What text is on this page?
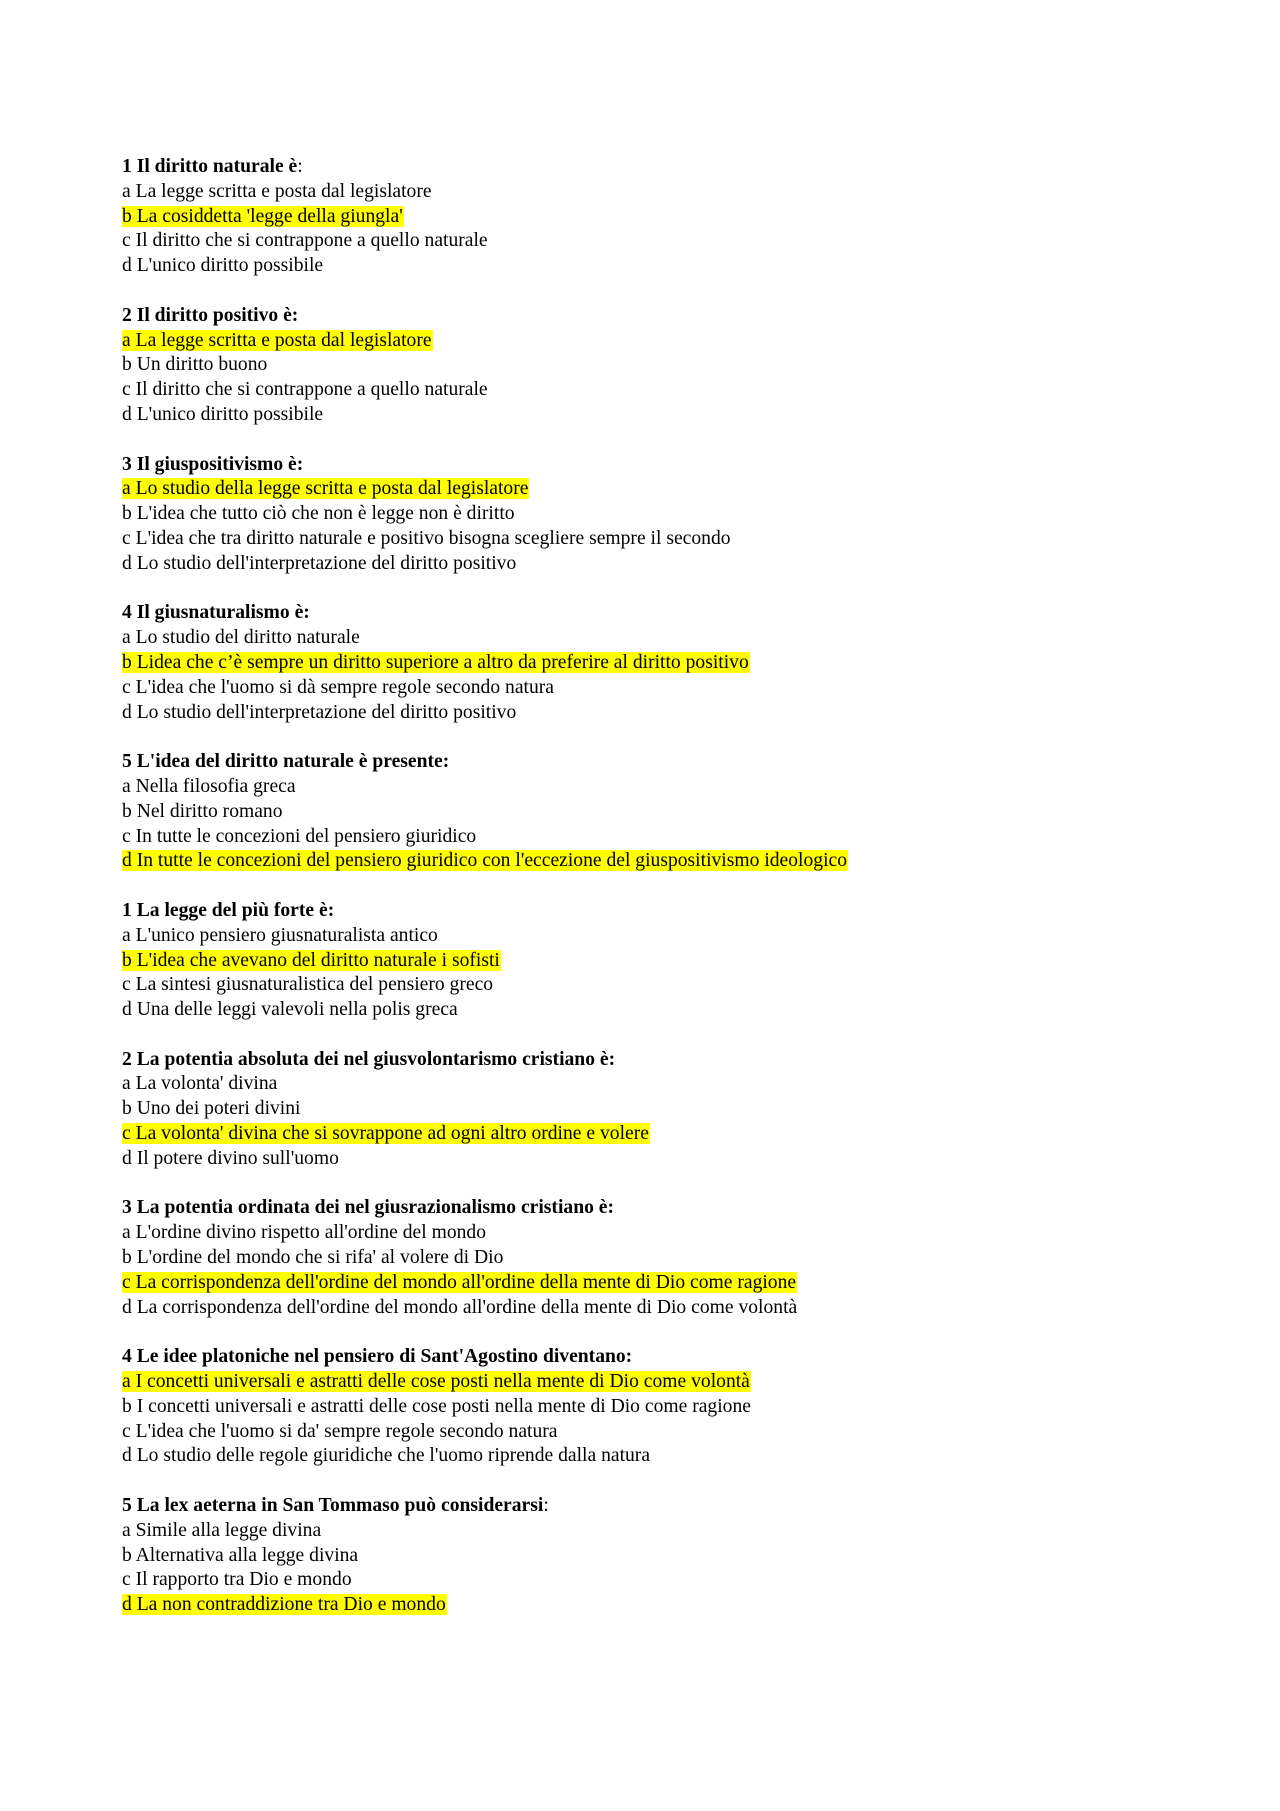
1 Il diritto naturale è:
a La legge scritta e posta dal legislatore
b La cosiddetta 'legge della giungla'
c Il diritto che si contrappone a quello naturale
d L'unico diritto possibile
2 Il diritto positivo è:
a La legge scritta e posta dal legislatore
b Un diritto buono
c Il diritto che si contrappone a quello naturale
d L'unico diritto possibile
3 Il giuspositivismo è:
a Lo studio della legge scritta e posta dal legislatore
b L'idea che tutto ciò che non è legge non è diritto
c L'idea che tra diritto naturale e positivo bisogna scegliere sempre il secondo
d Lo studio dell'interpretazione del diritto positivo
4 Il giusnaturalismo è:
a Lo studio del diritto naturale
b Lidea che c’è sempre un diritto superiore a altro da preferire al diritto positivo
c L'idea che l'uomo si dà sempre regole secondo natura
d Lo studio dell'interpretazione del diritto positivo
5 L'idea del diritto naturale è presente:
a Nella filosofia greca
b Nel diritto romano
c In tutte le concezioni del pensiero giuridico
d In tutte le concezioni del pensiero giuridico con l'eccezione del giuspositivismo ideologico
1 La legge del più forte è:
a L'unico pensiero giusnaturalista antico
b L'idea che avevano del diritto naturale i sofisti
c La sintesi giusnaturalistica del pensiero greco
d Una delle leggi valevoli nella polis greca
2 La potentia absoluta dei nel giusvolontarismo cristiano è:
a La volonta' divina
b Uno dei poteri divini
c La volonta' divina che si sovrappone ad ogni altro ordine e volere
d Il potere divino sull'uomo
3 La potentia ordinata dei nel giusrazionalismo cristiano è:
a L'ordine divino rispetto all'ordine del mondo
b L'ordine del mondo che si rifa' al volere di Dio
c La corrispondenza dell'ordine del mondo all'ordine della mente di Dio come ragione
d La corrispondenza dell'ordine del mondo all'ordine della mente di Dio come volontà
4 Le idee platoniche nel pensiero di Sant'Agostino diventano:
a I concetti universali e astratti delle cose posti nella mente di Dio come volontà
b I concetti universali e astratti delle cose posti nella mente di Dio come ragione
c L'idea che l'uomo si da' sempre regole secondo natura
d Lo studio delle regole giuridiche che l'uomo riprende dalla natura
5 La lex aeterna in San Tommaso può considerarsi:
a Simile alla legge divina
b Alternativa alla legge divina
c Il rapporto tra Dio e mondo
d La non contraddizione tra Dio e mondo
